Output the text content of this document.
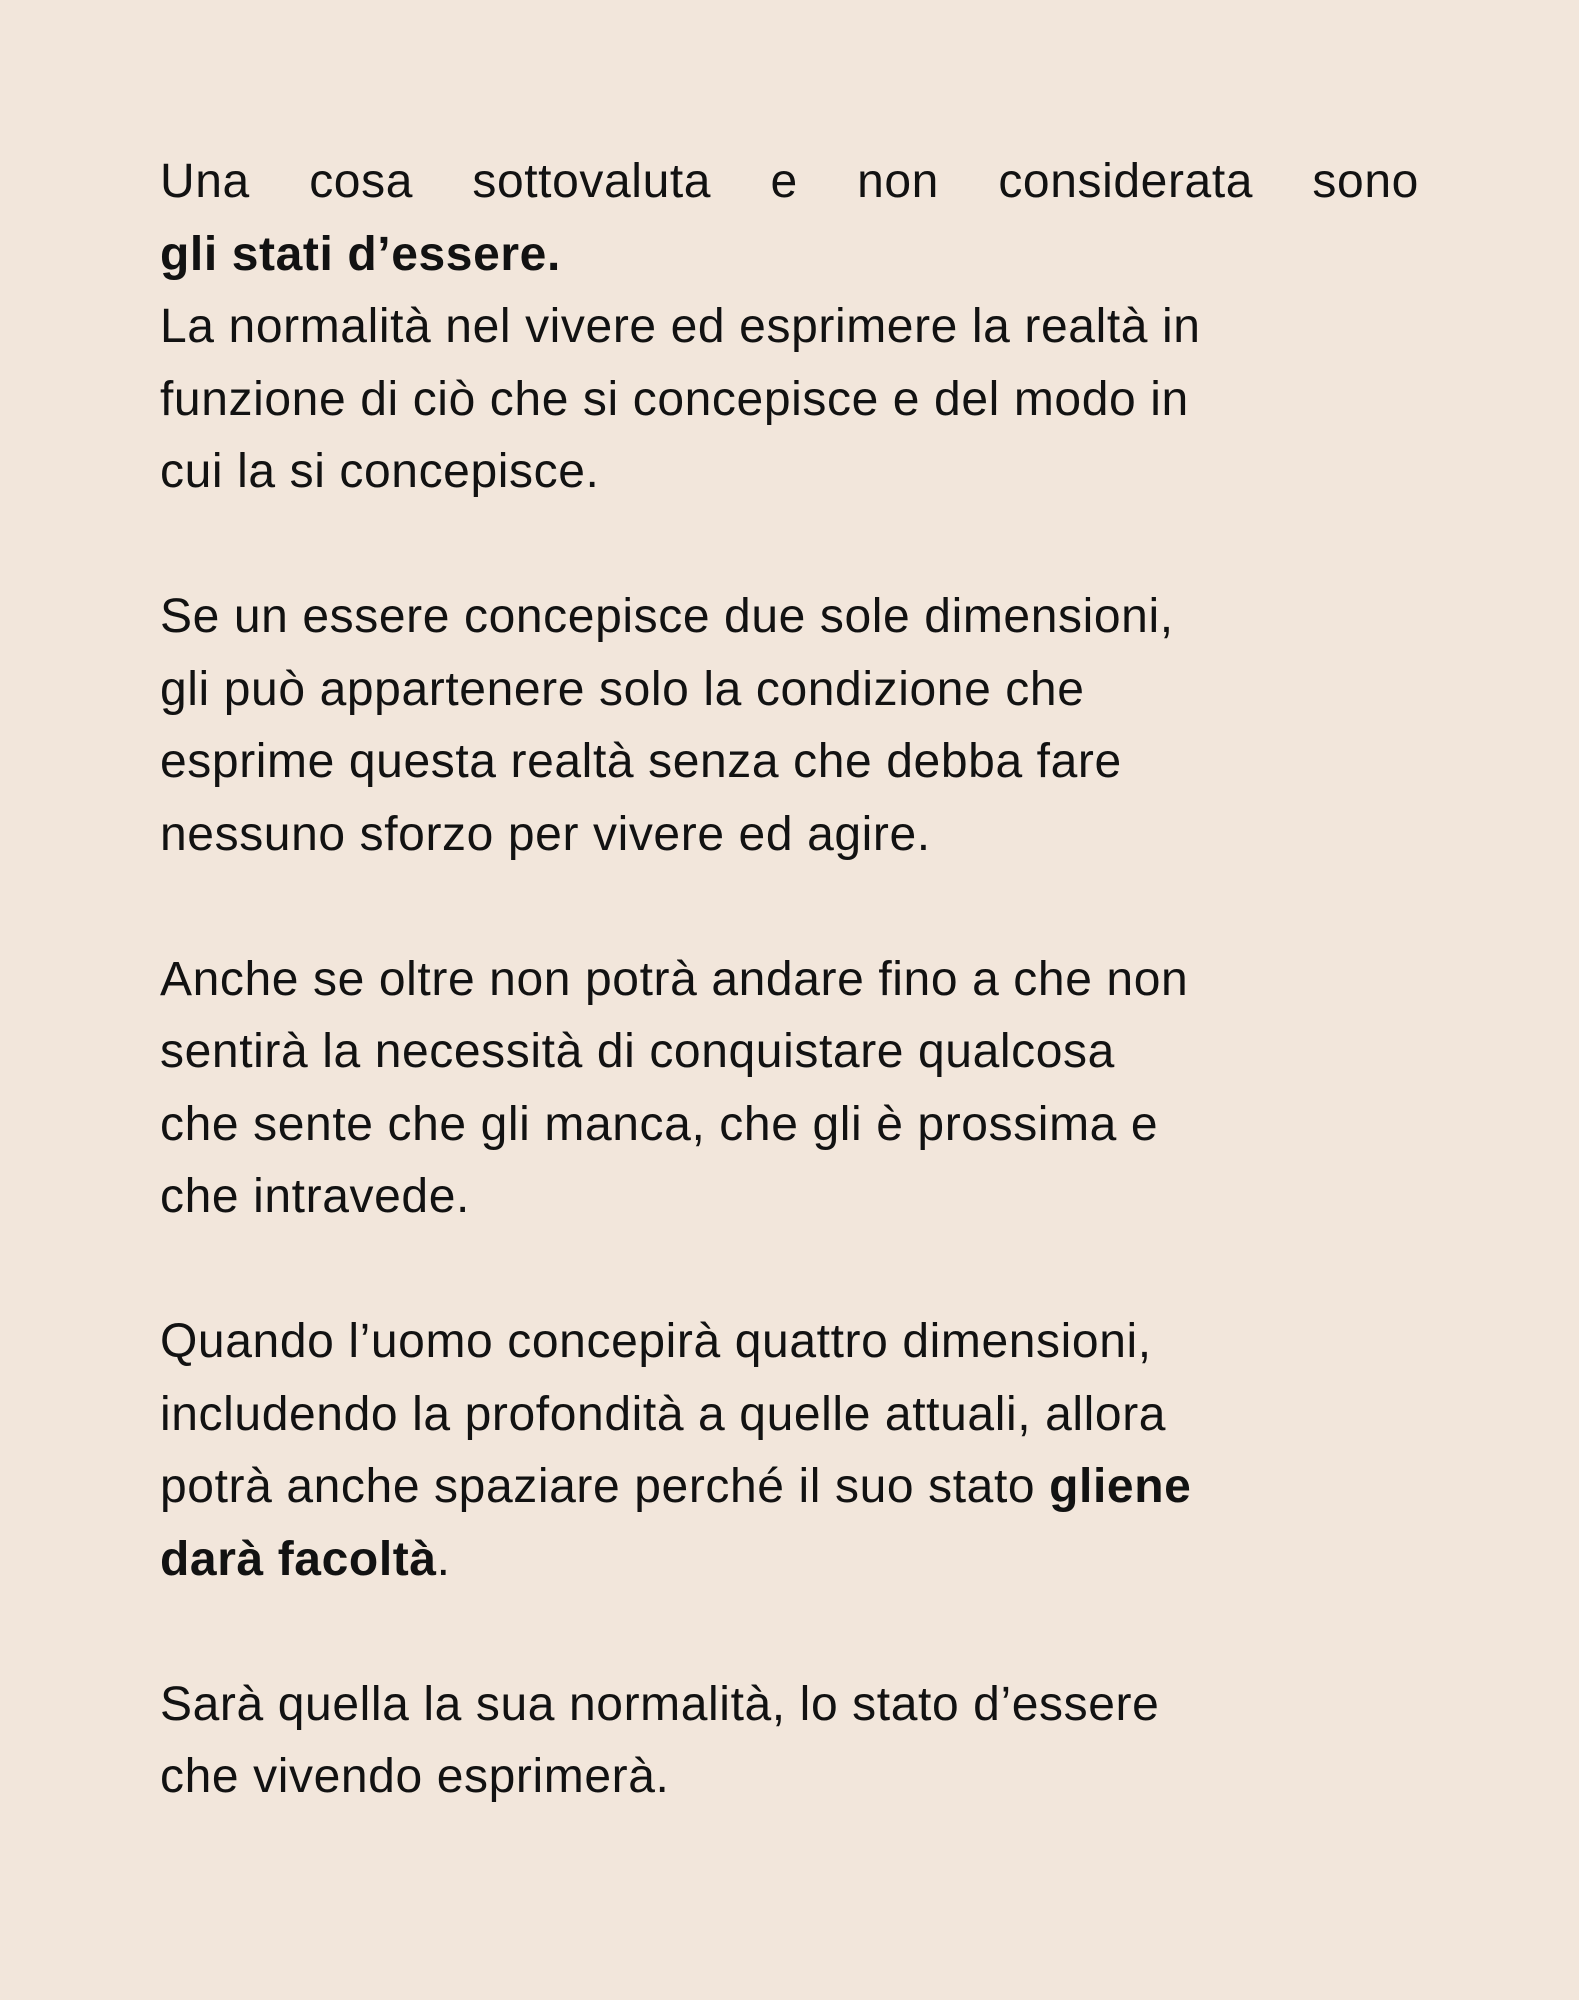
Una cosa sottovaluta e non considerata sono
gli stati d’essere.
La normalità nel vivere ed esprimere la realtà in
funzione di ciò che si concepisce e del modo in
cui la si concepisce.
Se un essere concepisce due sole dimensioni,
gli può appartenere solo la condizione che
esprime questa realtà senza che debba fare
nessuno sforzo per vivere ed agire.
Anche se oltre non potrà andare fino a che non
sentirà la necessità di conquistare qualcosa
che sente che gli manca, che gli è prossima e
che intravede.
Quando l’uomo concepirà quattro dimensioni,
includendo la profondità a quelle attuali, allora
potrà anche spaziare perché il suo stato gliene
darà facoltà.
Sarà quella la sua normalità, lo stato d’essere
che vivendo esprimerà.
